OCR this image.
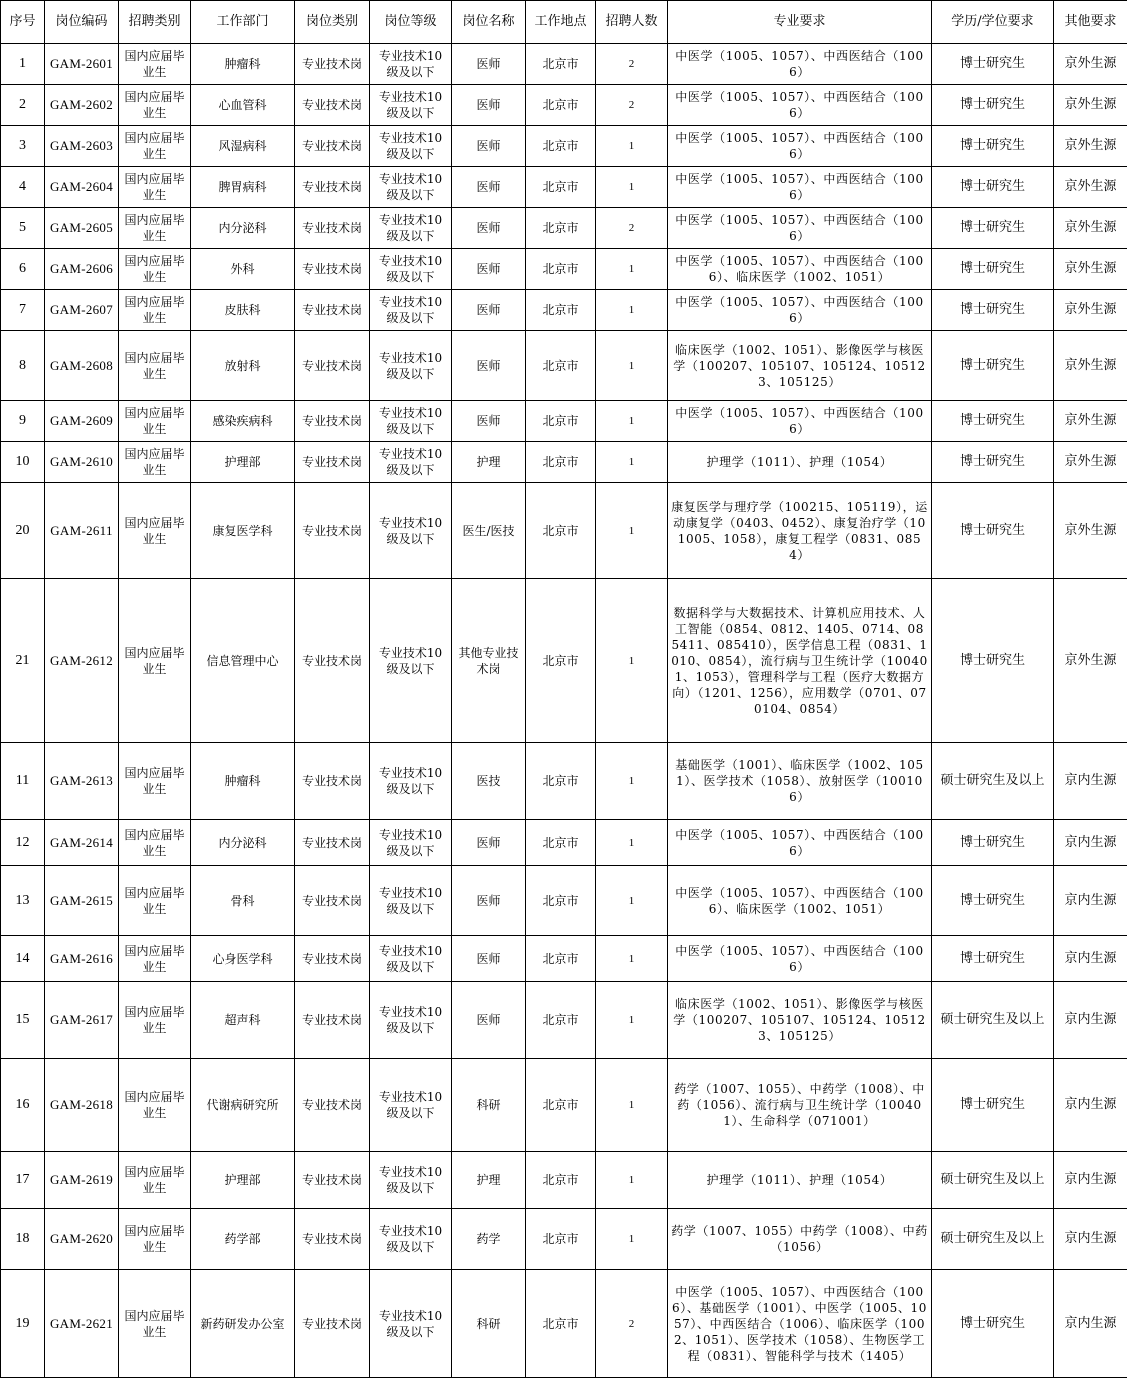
序号	岗位编码	招聘类别	工作部门	岗位类别	岗位等级	岗位名称	工作地点	招聘人数	专业要求	学历/学位要求	其他要求
1	GAM-2601	国内应届毕业生	肿瘤科	专业技术岗	专业技术10级及以下	医师	北京市	2	中医学（1005、1057）、中西医结合（1006）	博士研究生	京外生源
2	GAM-2602	国内应届毕业生	心血管科	专业技术岗	专业技术10级及以下	医师	北京市	2	中医学（1005、1057）、中西医结合（1006）	博士研究生	京外生源
3	GAM-2603	国内应届毕业生	风湿病科	专业技术岗	专业技术10级及以下	医师	北京市	1	中医学（1005、1057）、中西医结合（1006）	博士研究生	京外生源
4	GAM-2604	国内应届毕业生	脾胃病科	专业技术岗	专业技术10级及以下	医师	北京市	1	中医学（1005、1057）、中西医结合（1006）	博士研究生	京外生源
5	GAM-2605	国内应届毕业生	内分泌科	专业技术岗	专业技术10级及以下	医师	北京市	2	中医学（1005、1057）、中西医结合（1006）	博士研究生	京外生源
6	GAM-2606	国内应届毕业生	外科	专业技术岗	专业技术10级及以下	医师	北京市	1	中医学（1005、1057）、中西医结合（1006）、临床医学（1002、1051）	博士研究生	京外生源
7	GAM-2607	国内应届毕业生	皮肤科	专业技术岗	专业技术10级及以下	医师	北京市	1	中医学（1005、1057）、中西医结合（1006）	博士研究生	京外生源
8	GAM-2608	国内应届毕业生	放射科	专业技术岗	专业技术10级及以下	医师	北京市	1	临床医学（1002、1051）、影像医学与核医学（100207、105107、105124、105123、105125）	博士研究生	京外生源
9	GAM-2609	国内应届毕业生	感染疾病科	专业技术岗	专业技术10级及以下	医师	北京市	1	中医学（1005、1057）、中西医结合（1006）	博士研究生	京外生源
10	GAM-2610	国内应届毕业生	护理部	专业技术岗	专业技术10级及以下	护理	北京市	1	护理学（1011）、护理（1054）	博士研究生	京外生源
20	GAM-2611	国内应届毕业生	康复医学科	专业技术岗	专业技术10级及以下	医生/医技	北京市	1	康复医学与理疗学（100215、105119），运动康复学（0403、0452）、康复治疗学（101005、1058），康复工程学（0831、0854）	博士研究生	京外生源
21	GAM-2612	国内应届毕业生	信息管理中心	专业技术岗	专业技术10级及以下	其他专业技术岗	北京市	1	数据科学与大数据技术、计算机应用技术、人工智能（0854、0812、1405、0714、085411、085410），医学信息工程（0831、1010、0854），流行病与卫生统计学（100401、1053），管理科学与工程（医疗大数据方向）（1201、1256），应用数学（0701、070104、0854）	博士研究生	京外生源
11	GAM-2613	国内应届毕业生	肿瘤科	专业技术岗	专业技术10级及以下	医技	北京市	1	基础医学（1001）、临床医学（1002、1051）、医学技术（1058）、放射医学（100106）	硕士研究生及以上	京内生源
12	GAM-2614	国内应届毕业生	内分泌科	专业技术岗	专业技术10级及以下	医师	北京市	1	中医学（1005、1057）、中西医结合（1006）	博士研究生	京内生源
13	GAM-2615	国内应届毕业生	骨科	专业技术岗	专业技术10级及以下	医师	北京市	1	中医学（1005、1057）、中西医结合（1006）、临床医学（1002、1051）	博士研究生	京内生源
14	GAM-2616	国内应届毕业生	心身医学科	专业技术岗	专业技术10级及以下	医师	北京市	1	中医学（1005、1057）、中西医结合（1006）	博士研究生	京内生源
15	GAM-2617	国内应届毕业生	超声科	专业技术岗	专业技术10级及以下	医师	北京市	1	临床医学（1002、1051）、影像医学与核医学（100207、105107、105124、105123、105125）	硕士研究生及以上	京内生源
16	GAM-2618	国内应届毕业生	代谢病研究所	专业技术岗	专业技术10级及以下	科研	北京市	1	药学（1007、1055）、中药学（1008）、中药（1056）、流行病与卫生统计学（100401）、生命科学（071001）	博士研究生	京内生源
17	GAM-2619	国内应届毕业生	护理部	专业技术岗	专业技术10级及以下	护理	北京市	1	护理学（1011）、护理（1054）	硕士研究生及以上	京内生源
18	GAM-2620	国内应届毕业生	药学部	专业技术岗	专业技术10级及以下	药学	北京市	1	药学（1007、1055）中药学（1008）、中药（1056）	硕士研究生及以上	京内生源
19	GAM-2621	国内应届毕业生	新药研发办公室	专业技术岗	专业技术10级及以下	科研	北京市	2	中医学（1005、1057）、中西医结合（1006）、基础医学（1001）、中医学（1005、1057）、中西医结合（1006）、临床医学（1002、1051）、医学技术（1058）、生物医学工程（0831）、智能科学与技术（1405）	博士研究生	京内生源
